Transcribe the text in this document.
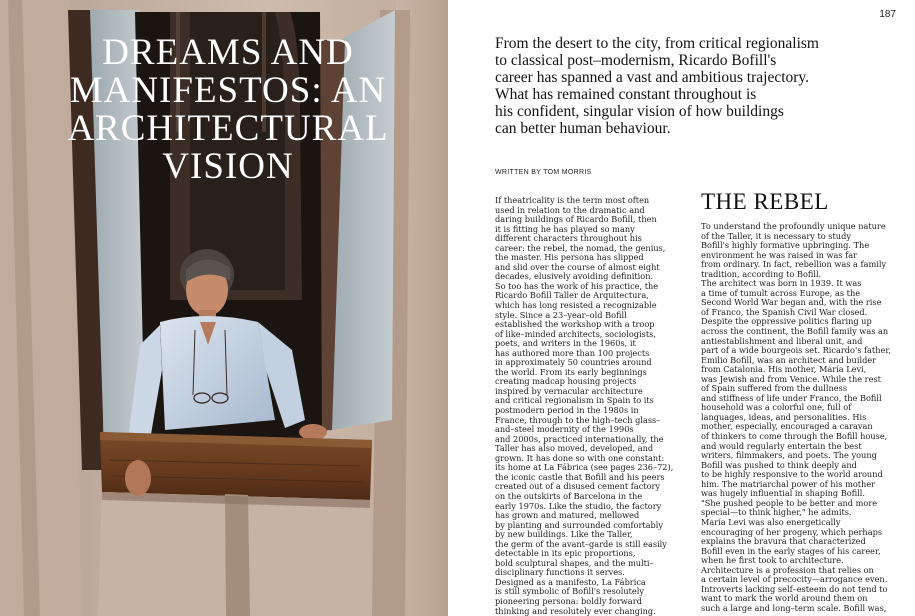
DREAMS AND
MANIFESTOS: AN
ARCHITECTURAL
VISION
187
From the desert to the city, from critical regionalism
to classical post–modernism, Ricardo Bofill's
career has spanned a vast and ambitious trajectory.
What has remained constant throughout is
his confident, singular vision of how buildings
can better human behaviour.
WRITTEN BY TOM MORRIS
If theatricality is the term most often
used in relation to the dramatic and
daring buildings of Ricardo Bofill, then
it is fitting he has played so many
different characters throughout his
career: the rebel, the nomad, the genius,
the master. His persona has slipped
and slid over the course of almost eight
decades, elusively avoiding definition.
So too has the work of his practice, the
Ricardo Bofill Taller de Arquitectura,
which has long resisted a recognizable
style. Since a 23–year–old Bofill
established the workshop with a troop
of like–minded architects, sociologists,
poets, and writers in the 1960s, it
has authored more than 100 projects
in approximately 50 countries around
the world. From its early beginnings
creating madcap housing projects
inspired by vernacular architecture
and critical regionalism in Spain to its
postmodern period in the 1980s in
France, through to the high–tech glass–
and–steel modernity of the 1990s
and 2000s, practiced internationally, the
Taller has also moved, developed, and
grown. It has done so with one constant:
its home at La Fábrica (see pages 236–72),
the iconic castle that Bofill and his peers
created out of a disused cement factory
on the outskirts of Barcelona in the
early 1970s. Like the studio, the factory
has grown and matured, mellowed
by planting and surrounded comfortably
by new buildings. Like the Taller,
the germ of the avant–garde is still easily
detectable in its epic proportions,
bold sculptural shapes, and the multi–
disciplinary functions it serves.
Designed as a manifesto, La Fábrica
is still symbolic of Bofill's resolutely
pioneering persona: boldly forward
thinking and resolutely ever changing.
THE REBEL
To understand the profoundly unique nature
of the Taller, it is necessary to study
Bofill's highly formative upbringing. The
environment he was raised in was far
from ordinary. In fact, rebellion was a family
tradition, according to Bofill.
The architect was born in 1939. It was
a time of tumult across Europe, as the
Second World War began and, with the rise
of Franco, the Spanish Civil War closed.
Despite the oppressive politics flaring up
across the continent, the Bofill family was an
antiestablishment and liberal unit, and
part of a wide bourgeois set. Ricardo's father,
Emilio Bofill, was an architect and builder
from Catalonia. His mother, María Levi,
was Jewish and from Venice. While the rest
of Spain suffered from the dullness
and stiffness of life under Franco, the Bofill
household was a colorful one, full of
languages, ideas, and personalities. His
mother, especially, encouraged a caravan
of thinkers to come through the Bofill house,
and would regularly entertain the best
writers, filmmakers, and poets. The young
Bofill was pushed to think deeply and
to be highly responsive to the world around
him. The matriarchal power of his mother
was hugely influential in shaping Bofill.
"She pushed people to be better and more
special—to think higher," he admits.
María Levi was also energetically
encouraging of her progeny, which perhaps
explains the bravura that characterized
Bofill even in the early stages of his career,
when he first took to architecture.
Architecture is a profession that relies on
a certain level of precocity—arrogance even.
Introverts lacking self–esteem do not tend to
want to mark the world around them on
such a large and long–term scale. Bofill was,
